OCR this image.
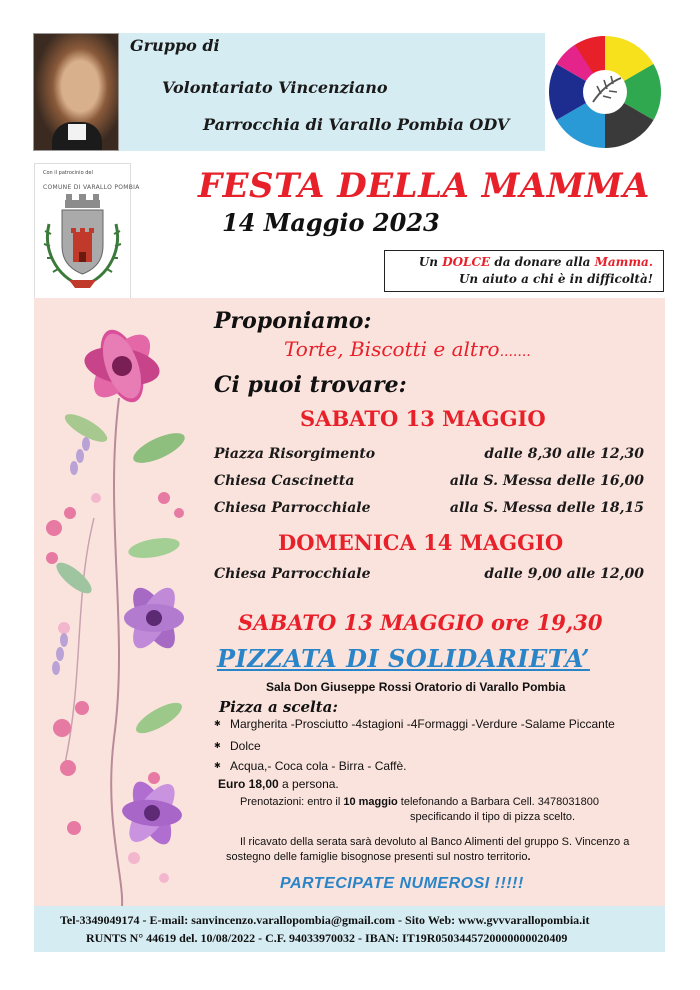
Gruppo di
Volontariato Vincenziano
Parrocchia di Varallo Pombia ODV
Con il patrocinio del
COMUNE DI VARALLO POMBIA FESTA DELLA MAMMA
14 Maggio 2023
Un DOLCE da donare alla Mamma.
Un aiuto a chi è in difficoltà!
Proponiamo:
Torte, Biscotti e altro.......
Ci puoi trovare:
SABATO 13 MAGGIO
Piazza Risorgimento	dalle 8,30 alle 12,30
Chiesa Cascinetta	alla S. Messa delle 16,00
Chiesa Parrocchiale	alla S. Messa delle 18,15
DOMENICA 14 MAGGIO
Chiesa Parrocchiale	dalle 9,00 alle 12,00
SABATO 13 MAGGIO ore 19,30
PIZZATA DI SOLIDARIETA’
Sala Don Giuseppe Rossi Oratorio di Varallo Pombia
Pizza a scelta:
✱ Margherita -Prosciutto -4stagioni -4Formaggi -Verdure -Salame Piccante
✱ Dolce
✱ Acqua,- Coca cola - Birra - Caffè.
Euro 18,00 a persona.
Prenotazioni: entro il 10 maggio telefonando a Barbara Cell. 3478031800
specificando il tipo di pizza scelto.
Il ricavato della serata sarà devoluto al Banco Alimenti del gruppo S. Vincenzo a
sostegno delle famiglie bisognose presenti sul nostro territorio.
PARTECIPATE NUMEROSI !!!!!
Tel-3349049174 - E-mail: sanvincenzo.varallopombia@gmail.com - Sito Web: www.gvvvarallopombia.it
RUNTS N° 44619 del. 10/08/2022 - C.F. 94033970032 - IBAN: IT19R0503445720000000020409
